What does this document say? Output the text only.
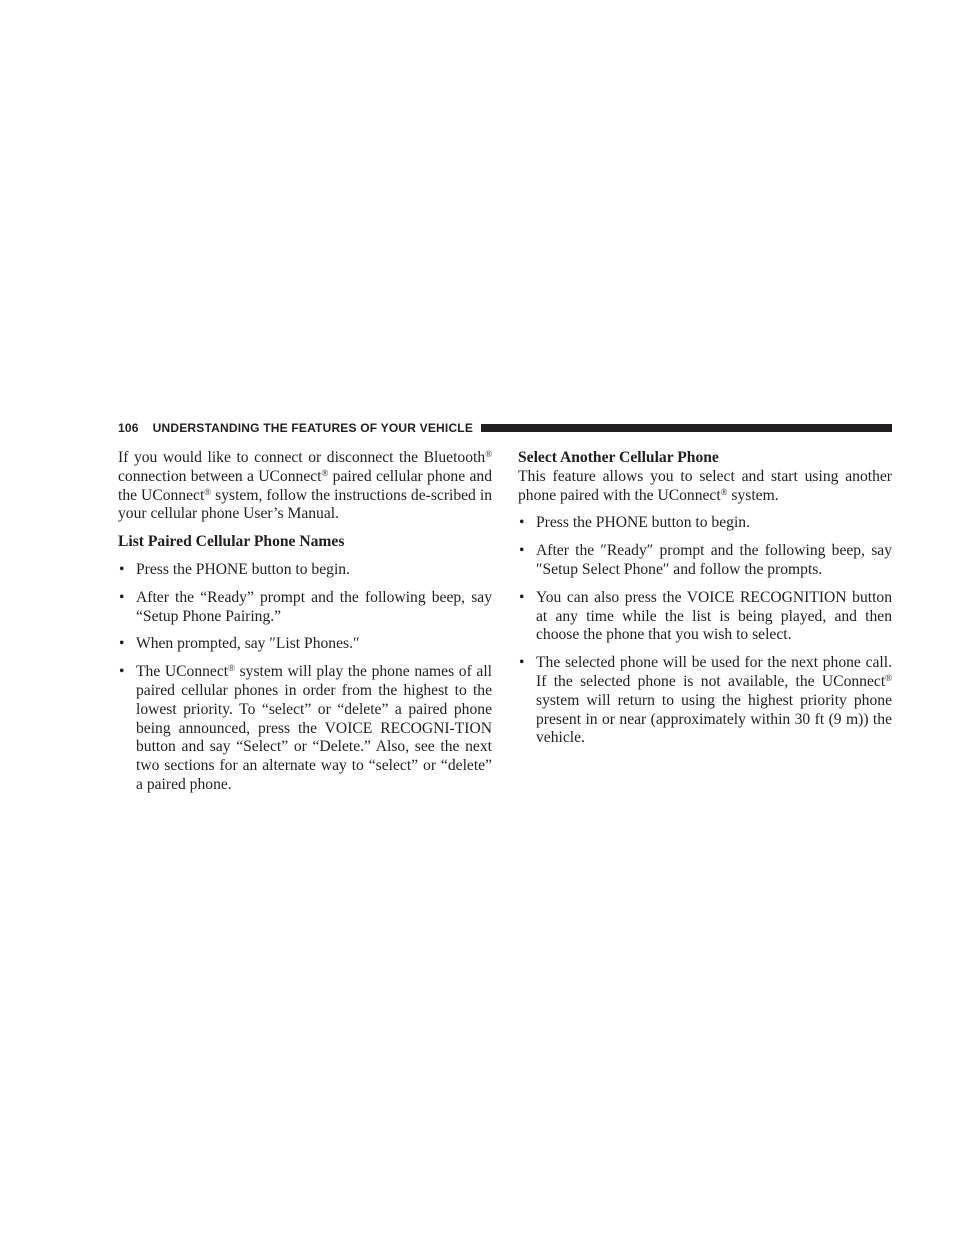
106 UNDERSTANDING THE FEATURES OF YOUR VEHICLE

If you would like to connect or disconnect the Bluetooth® connection between a UConnect® paired cellular phone and the UConnect® system, follow the instructions de-scribed in your cellular phone User’s Manual.

List Paired Cellular Phone Names

• Press the PHONE button to begin.
• After the “Ready” prompt and the following beep, say “Setup Phone Pairing.”
• When prompted, say ″List Phones.″
• The UConnect® system will play the phone names of all paired cellular phones in order from the highest to the lowest priority. To “select” or “delete” a paired phone being announced, press the VOICE RECOGNI-TION button and say “Select” or “Delete.” Also, see the next two sections for an alternate way to “select” or “delete” a paired phone.

Select Another Cellular Phone

This feature allows you to select and start using another phone paired with the UConnect® system.

• Press the PHONE button to begin.
• After the ″Ready″ prompt and the following beep, say ″Setup Select Phone″ and follow the prompts.
• You can also press the VOICE RECOGNITION button at any time while the list is being played, and then choose the phone that you wish to select.
• The selected phone will be used for the next phone call. If the selected phone is not available, the UConnect® system will return to using the highest priority phone present in or near (approximately within 30 ft (9 m)) the vehicle.
